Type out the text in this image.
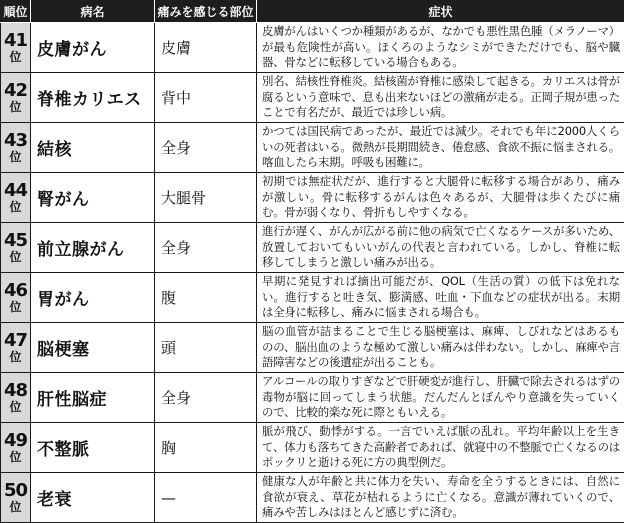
順位	病名	痛みを感じる部位	症状

41
位	皮膚がん	皮膚	皮膚がんはいくつか種類があるが、なかでも悪性黒色腫（メラノーマ）が最も危険性が高い。ほくろのようなシミができただけでも、脳や臓器、骨などに転移している場合もある。

42
位	脊椎カリエス	背中	別名、結核性脊椎炎。結核菌が脊椎に感染して起きる。カリエスは骨が腐るという意味で、息も出来ないほどの激痛が走る。正岡子規が患ったことで有名だが、最近では珍しい病。

43
位	結核	全身	かつては国民病であったが、最近では減少。それでも年に2000人くらいの死者はいる。微熱が長期間続き、倦怠感、食欲不振に悩まされる。喀血したら末期。呼吸も困難に。

44
位	腎がん	大腿骨	初期では無症状だが、進行すると大腿骨に転移する場合があり、痛みが激しい。骨に転移するがんは色々あるが、大腿骨は歩くたびに痛む。骨が弱くなり、骨折もしやすくなる。

45
位	前立腺がん	全身	進行が遅く、がんが広がる前に他の病気で亡くなるケースが多いため、放置しておいてもいいがんの代表と言われている。しかし、脊椎に転移してしまうと激しい痛みが出る。

46
位	胃がん	腹	早期に発見すれば摘出可能だが、QOL（生活の質）の低下は免れない。進行すると吐き気、膨満感、吐血・下血などの症状が出る。末期は全身に転移し、痛みに悩まされる場合も。

47
位	脳梗塞	頭	脳の血管が詰まることで生じる脳梗塞は、麻痺、しびれなどはあるものの、脳出血のような極めて激しい痛みは伴わない。しかし、麻痺や言語障害などの後遺症が出ることも。

48
位	肝性脳症	全身	アルコールの取りすぎなどで肝硬変が進行し、肝臓で除去されるはずの毒物が脳に回ってしまう状態。だんだんとぼんやり意識を失っていくので、比較的楽な死に際ともいえる。

49
位	不整脈	胸	脈が飛び、動悸がする。一言でいえば脈の乱れ。平均年齢以上を生きて、体力も落ちてきた高齢者であれば、就寝中の不整脈で亡くなるのはポックリと逝ける死に方の典型例だ。

50
位	老衰	—	健康な人が年齢と共に体力を失い、寿命を全うするときには、自然に食欲が衰え、草花が枯れるように亡くなる。意識が薄れていくので、痛みや苦しみはほとんど感じずに済む。
